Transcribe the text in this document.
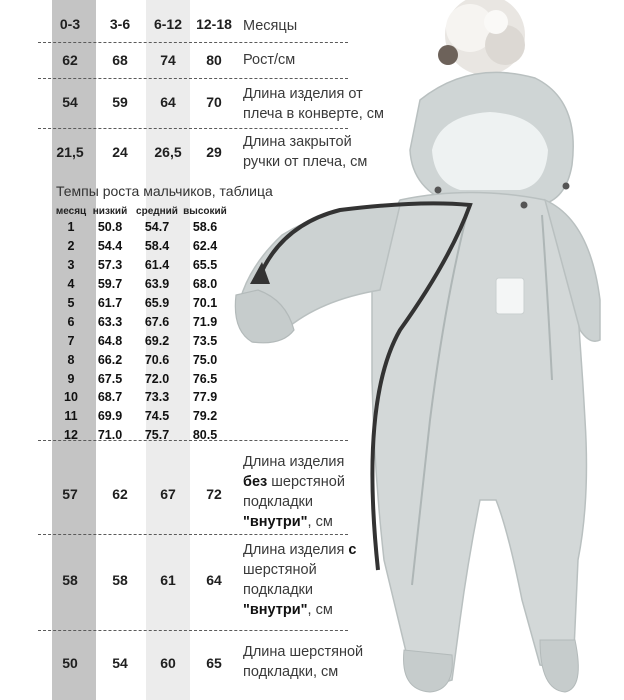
0-3	3-6	6-12	12-18 Месяцы
62	68	74	80	Рост/см
54	59	64	70	Длина изделия от
плеча в конверте, см
21,5	24	26,5	29
Длина закрытой
ручки от плеча, см
Темпы роста мальчиков, таблица
месяц	низкий	средний	высокий
1	50.8	54.7	58.6
2	54.4	58.4	62.4
3	57.3	61.4	65.5
4	59.7	63.9	68.0
5	61.7	65.9	70.1
6	63.3	67.6	71.9
7	64.8	69.2	73.5
8	66.2	70.6	75.0
9	67.5	72.0	76.5
10	68.7	73.3	77.9
11	69.9	74.5	79.2
12	71.0	75.7	80.5
57	62	67	72
Длина изделия
без шерстяной
подкладки
"внутри", см
58	58	61	64
Длина изделия с
шерстяной
подкладки
"внутри", см
50	54	60	65
Длина шерстяной
подкладки, см
